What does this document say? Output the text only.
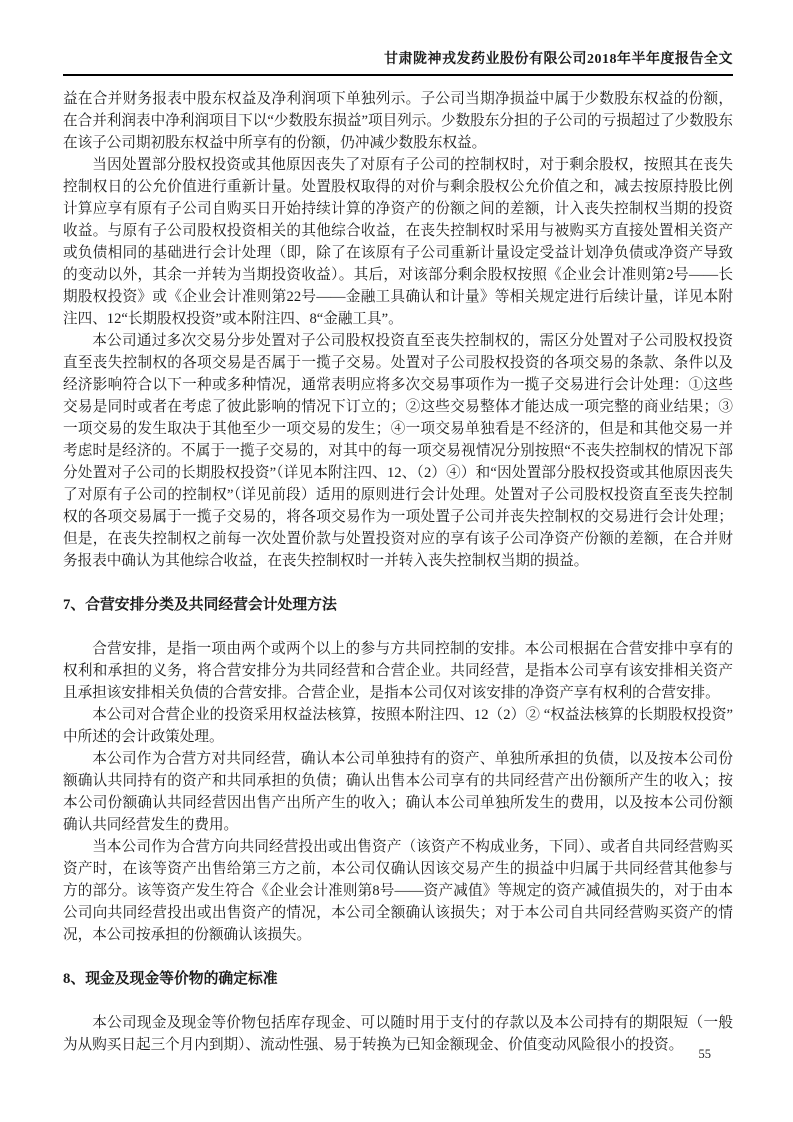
甘肃陇神戎发药业股份有限公司2018年半年度报告全文

益在合并财务报表中股东权益及净利润项下单独列示。子公司当期净损益中属于少数股东权益的份额，在合并利润表中净利润项目下以“少数股东损益”项目列示。少数股东分担的子公司的亏损超过了少数股东在该子公司期初股东权益中所享有的份额，仍冲减少数股东权益。

当因处置部分股权投资或其他原因丧失了对原有子公司的控制权时，对于剩余股权，按照其在丧失控制权日的公允价值进行重新计量。处置股权取得的对价与剩余股权公允价值之和，减去按原持股比例计算应享有原有子公司自购买日开始持续计算的净资产的份额之间的差额，计入丧失控制权当期的投资收益。与原有子公司股权投资相关的其他综合收益，在丧失控制权时采用与被购买方直接处置相关资产或负债相同的基础进行会计处理（即，除了在该原有子公司重新计量设定受益计划净负债或净资产导致的变动以外，其余一并转为当期投资收益）。其后，对该部分剩余股权按照《企业会计准则第2号——长期股权投资》或《企业会计准则第22号——金融工具确认和计量》等相关规定进行后续计量，详见本附注四、12“长期股权投资”或本附注四、8“金融工具”。

本公司通过多次交易分步处置对子公司股权投资直至丧失控制权的，需区分处置对子公司股权投资直至丧失控制权的各项交易是否属于一揽子交易。处置对子公司股权投资的各项交易的条款、条件以及经济影响符合以下一种或多种情况，通常表明应将多次交易事项作为一揽子交易进行会计处理：①这些交易是同时或者在考虑了彼此影响的情况下订立的；②这些交易整体才能达成一项完整的商业结果；③一项交易的发生取决于其他至少一项交易的发生；④一项交易单独看是不经济的，但是和其他交易一并考虑时是经济的。不属于一揽子交易的，对其中的每一项交易视情况分别按照“不丧失控制权的情况下部分处置对子公司的长期股权投资”（详见本附注四、12、（2）④）和“因处置部分股权投资或其他原因丧失了对原有子公司的控制权”（详见前段）适用的原则进行会计处理。处置对子公司股权投资直至丧失控制权的各项交易属于一揽子交易的，将各项交易作为一项处置子公司并丧失控制权的交易进行会计处理；但是，在丧失控制权之前每一次处置价款与处置投资对应的享有该子公司净资产份额的差额，在合并财务报表中确认为其他综合收益，在丧失控制权时一并转入丧失控制权当期的损益。

7、合营安排分类及共同经营会计处理方法

合营安排，是指一项由两个或两个以上的参与方共同控制的安排。本公司根据在合营安排中享有的权利和承担的义务，将合营安排分为共同经营和合营企业。共同经营，是指本公司享有该安排相关资产且承担该安排相关负债的合营安排。合营企业，是指本公司仅对该安排的净资产享有权利的合营安排。

本公司对合营企业的投资采用权益法核算，按照本附注四、12（2）② “权益法核算的长期股权投资”中所述的会计政策处理。

本公司作为合营方对共同经营，确认本公司单独持有的资产、单独所承担的负债，以及按本公司份额确认共同持有的资产和共同承担的负债；确认出售本公司享有的共同经营产出份额所产生的收入；按本公司份额确认共同经营因出售产出所产生的收入；确认本公司单独所发生的费用，以及按本公司份额确认共同经营发生的费用。

当本公司作为合营方向共同经营投出或出售资产（该资产不构成业务，下同）、或者自共同经营购买资产时，在该等资产出售给第三方之前，本公司仅确认因该交易产生的损益中归属于共同经营其他参与方的部分。该等资产发生符合《企业会计准则第8号——资产减值》等规定的资产减值损失的，对于由本公司向共同经营投出或出售资产的情况，本公司全额确认该损失；对于本公司自共同经营购买资产的情况，本公司按承担的份额确认该损失。

8、现金及现金等价物的确定标准

本公司现金及现金等价物包括库存现金、可以随时用于支付的存款以及本公司持有的期限短（一般为从购买日起三个月内到期）、流动性强、易于转换为已知金额现金、价值变动风险很小的投资。

55
